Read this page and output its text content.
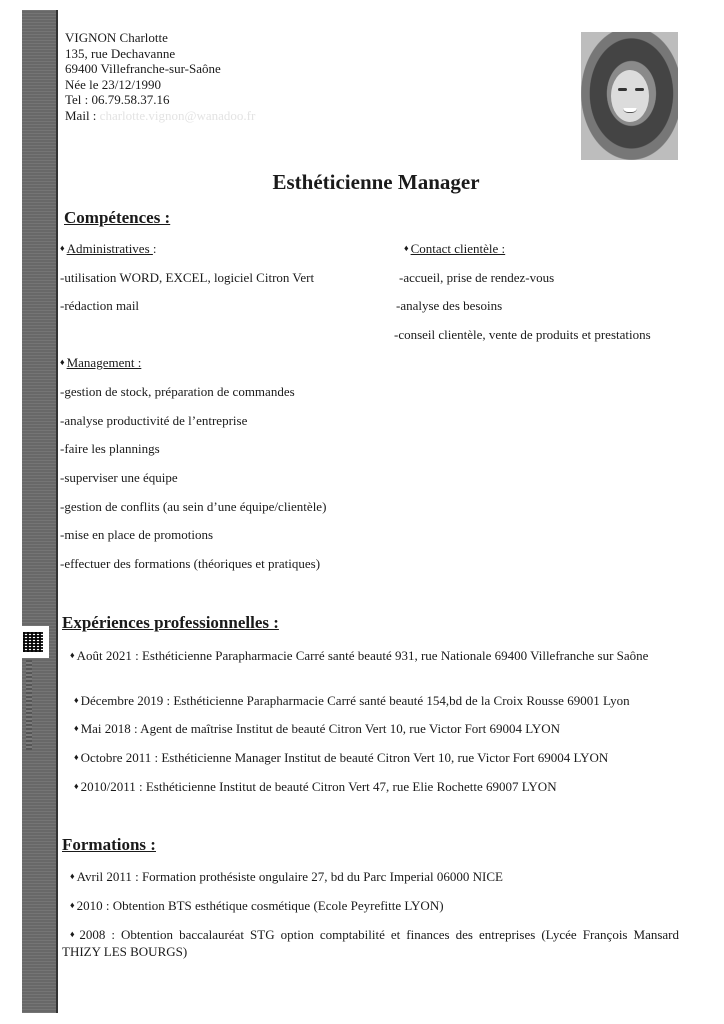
VIGNON Charlotte
135, rue Dechavanne
69400 Villefranche-sur-Saône
Née le 23/12/1990
Tel : 06.79.58.37.16
Mail : charlotte.vignon@wanadoo.fr
Esthéticienne Manager
Compétences :
♦ Administratives :
-utilisation WORD, EXCEL, logiciel Citron Vert
-rédaction mail
♦ Contact clientèle :
-accueil, prise de rendez-vous
-analyse des besoins
-conseil clientèle, vente de produits et prestations
♦ Management :
-gestion de stock, préparation de commandes
-analyse productivité de l’entreprise
-faire les plannings
-superviser une équipe
-gestion de conflits (au sein d’une équipe/clientèle)
-mise en place de promotions
-effectuer des formations (théoriques et pratiques)
Expériences professionnelles :
♦ Août 2021 : Esthéticienne Parapharmacie Carré santé beauté 931, rue Nationale 69400 Villefranche sur Saône
♦ Décembre 2019 : Esthéticienne Parapharmacie Carré santé beauté 154,bd de la Croix Rousse 69001 Lyon
♦ Mai 2018 : Agent de maîtrise Institut de beauté Citron Vert 10, rue Victor Fort 69004 LYON
♦ Octobre 2011 : Esthéticienne Manager Institut de beauté Citron Vert 10, rue Victor Fort 69004 LYON
♦ 2010/2011 : Esthéticienne Institut de beauté Citron Vert 47, rue Elie Rochette 69007 LYON
Formations :
♦ Avril 2011 : Formation prothésiste ongulaire 27, bd du Parc Imperial 06000 NICE
♦ 2010 : Obtention BTS esthétique cosmétique (Ecole Peyrefitte LYON)
♦ 2008 : Obtention baccalauréat STG option comptabilité et finances des entreprises (Lycée François Mansard THIZY LES BOURGS)
